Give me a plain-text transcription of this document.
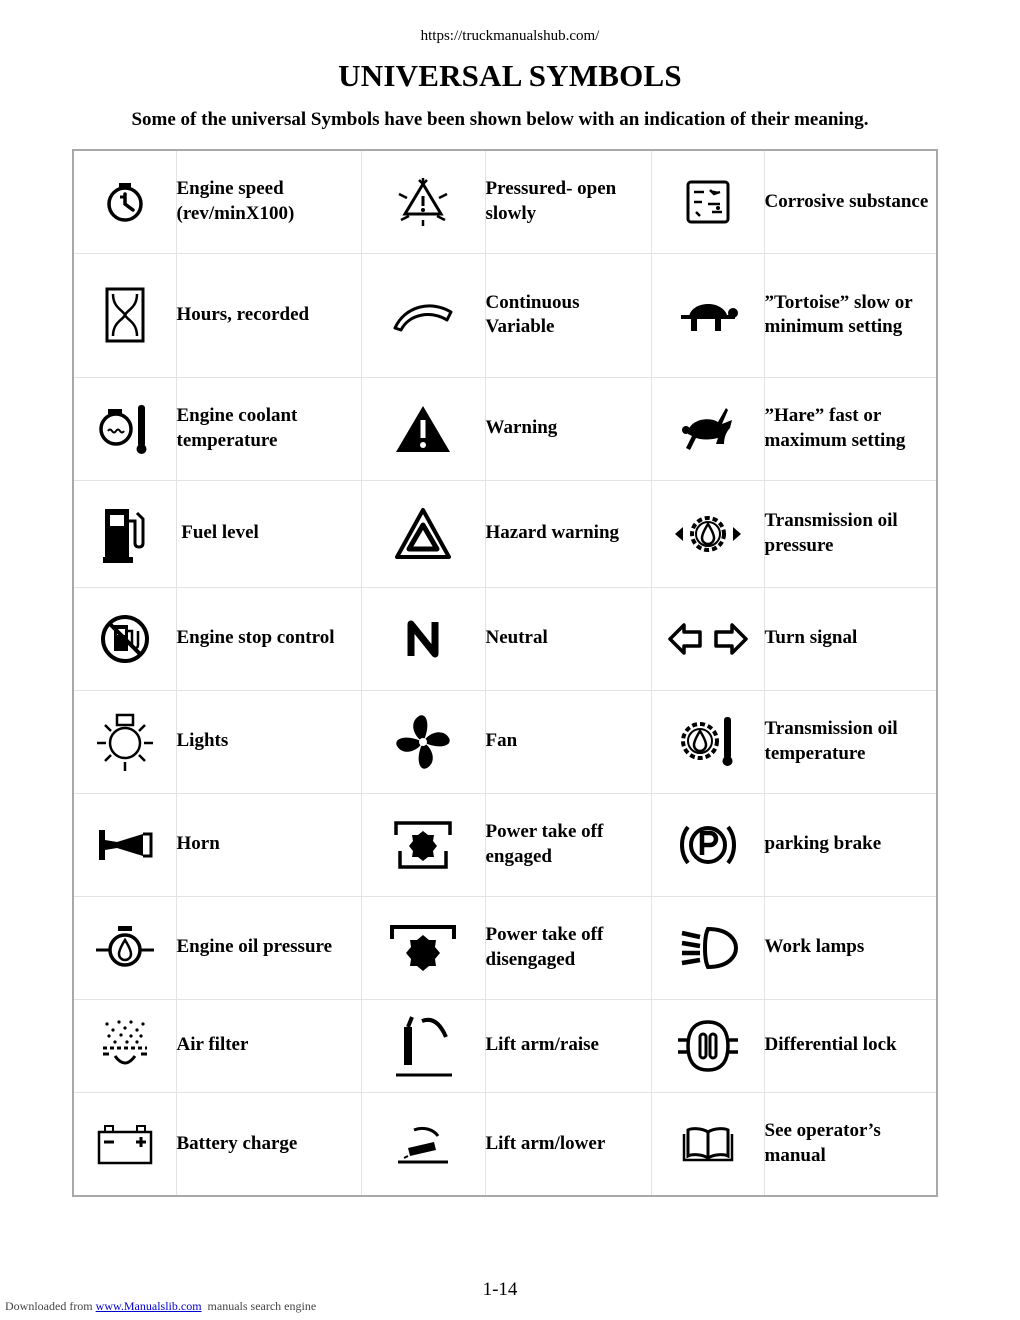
https://truckmanualshub.com/
UNIVERSAL SYMBOLS
Some of the universal Symbols have been shown below with an indication of their meaning.
	Engine speed (rev/minX100)		Pressured- open slowly		Corrosive substance
	Hours, recorded		Continuous Variable		”Tortoise” slow or minimum setting
	Engine coolant temperature		Warning		”Hare” fast or maximum setting
	Fuel level		Hazard warning		Transmission oil pressure
	Engine stop control		Neutral		Turn signal
	Lights		Fan		Transmission oil temperature
	Horn		Power take off engaged		parking brake
	Engine oil pressure		Power take off disengaged		Work lamps
	Air filter		Lift arm/raise		Differential lock
	Battery charge		Lift arm/lower		See operator’s manual
1-14
Downloaded from www.Manualslib.com  manuals search engine
